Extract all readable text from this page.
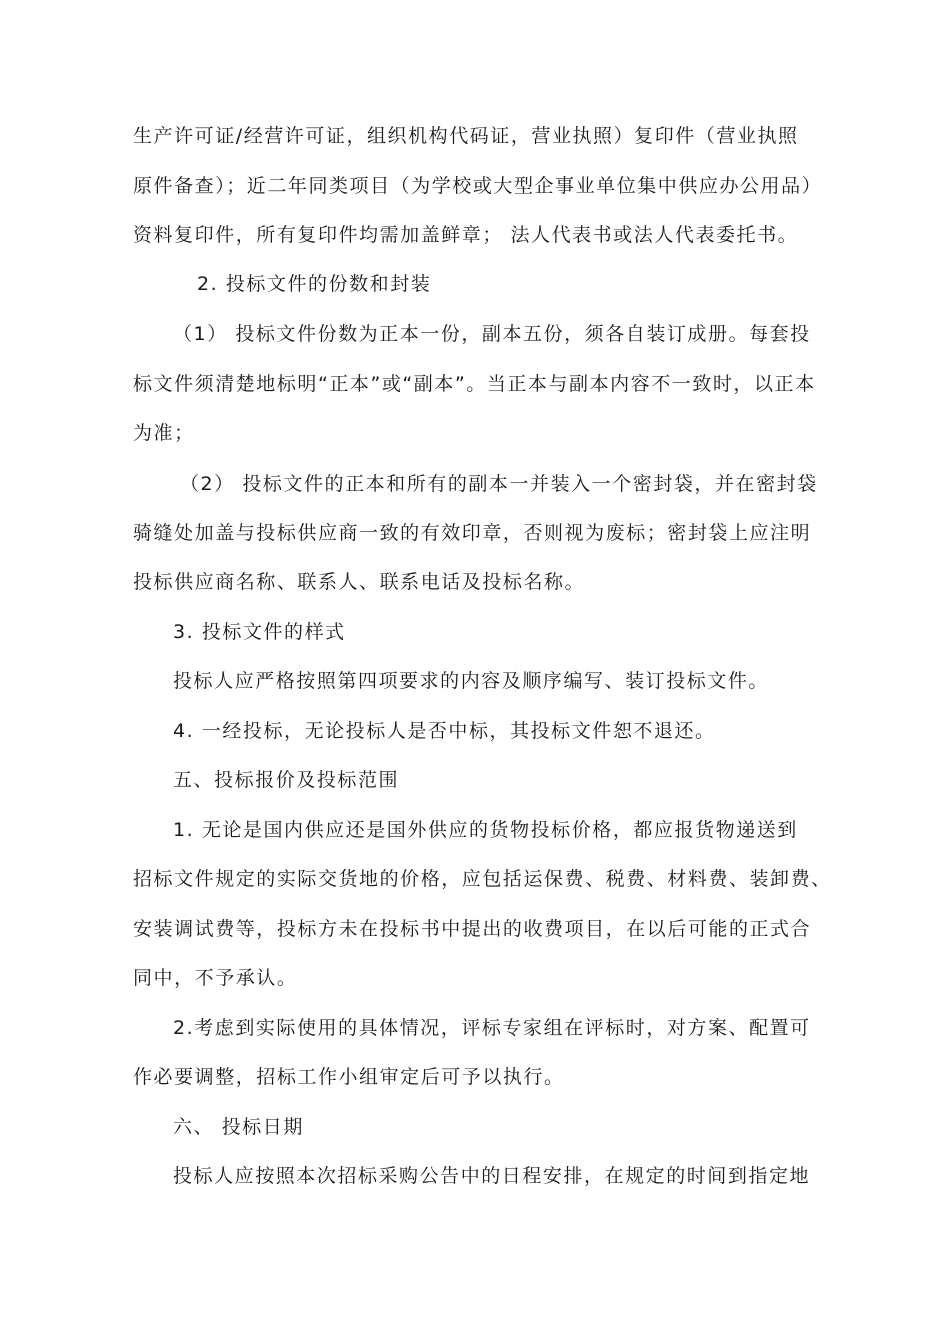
生产许可证/经营许可证，组织机构代码证，营业执照）复印件（营业执照
原件备查）；近二年同类项目（为学校或大型企事业单位集中供应办公用品）
资料复印件，所有复印件均需加盖鲜章； 法人代表书或法人代表委托书。
2. 投标文件的份数和封装
（1） 投标文件份数为正本一份，副本五份，须各自装订成册。每套投
标文件须清楚地标明“正本”或“副本”。当正本与副本内容不一致时，以正本
为准；
（2） 投标文件的正本和所有的副本一并装入一个密封袋，并在密封袋
骑缝处加盖与投标供应商一致的有效印章，否则视为废标；密封袋上应注明
投标供应商名称、联系人、联系电话及投标名称。
3. 投标文件的样式
投标人应严格按照第四项要求的内容及顺序编写、装订投标文件。
4. 一经投标，无论投标人是否中标，其投标文件恕不退还。
五、投标报价及投标范围
1. 无论是国内供应还是国外供应的货物投标价格，都应报货物递送到
招标文件规定的实际交货地的价格，应包括运保费、税费、材料费、装卸费、
安装调试费等，投标方未在投标书中提出的收费项目，在以后可能的正式合
同中，不予承认。
2.考虑到实际使用的具体情况，评标专家组在评标时，对方案、配置可
作必要调整，招标工作小组审定后可予以执行。
六、 投标日期
投标人应按照本次招标采购公告中的日程安排，在规定的时间到指定地
